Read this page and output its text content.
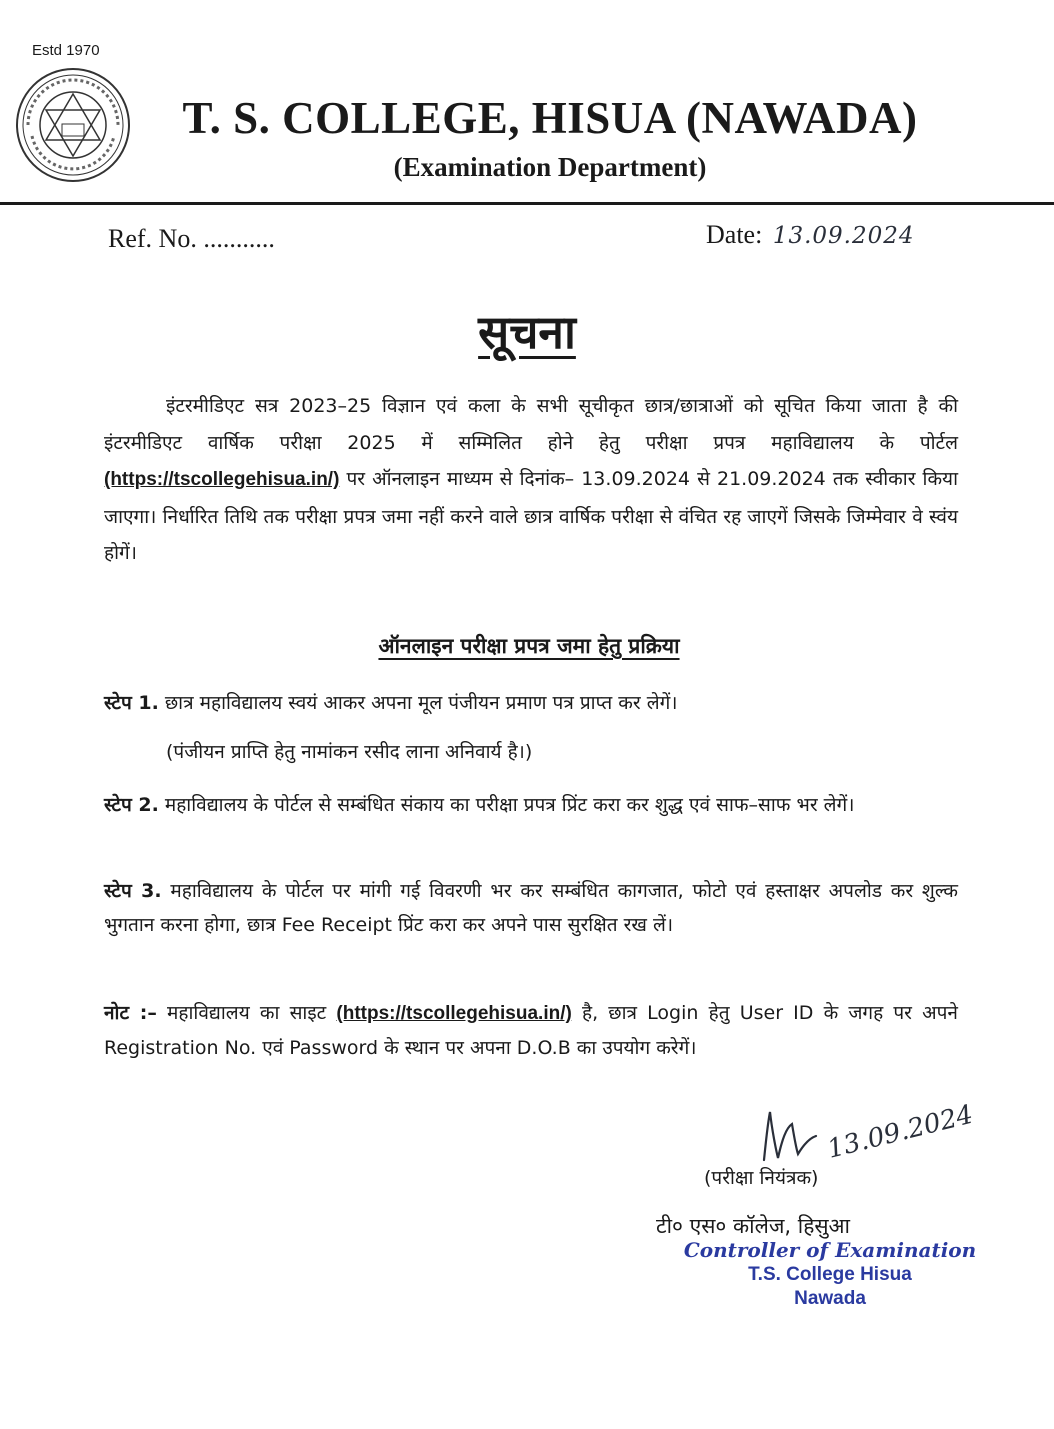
Estd 1970
T. S. COLLEGE, HISUA (NAWADA)
(Examination Department)
Ref. No. ...........	Date: 13.09.2024
सूचना
इंटरमीडिएट सत्र 2023–25 विज्ञान एवं कला के सभी सूचीकृत छात्र/छात्राओं को सूचित किया जाता है की इंटरमीडिएट वार्षिक परीक्षा 2025 में सम्मिलित होने हेतु परीक्षा प्रपत्र महाविद्यालय के पोर्टल (https://tscollegehisua.in/) पर ऑनलाइन माध्यम से दिनांक– 13.09.2024 से 21.09.2024 तक स्वीकार किया जाएगा। निर्धारित तिथि तक परीक्षा प्रपत्र जमा नहीं करने वाले छात्र वार्षिक परीक्षा से वंचित रह जाएगें जिसके जिम्मेवार वे स्वंय होगें।
ऑनलाइन परीक्षा प्रपत्र जमा हेतु प्रक्रिया
स्टेप 1. छात्र महाविद्यालय स्वयं आकर अपना मूल पंजीयन प्रमाण पत्र प्राप्त कर लेगें।
(पंजीयन प्राप्ति हेतु नामांकन रसीद लाना अनिवार्य है।)
स्टेप 2. महाविद्यालय के पोर्टल से सम्बंधित संकाय का परीक्षा प्रपत्र प्रिंट करा कर शुद्ध एवं साफ–साफ भर लेगें।
स्टेप 3. महाविद्यालय के पोर्टल पर मांगी गई विवरणी भर कर सम्बंधित कागजात, फोटो एवं हस्ताक्षर अपलोड कर शुल्क भुगतान करना होगा, छात्र Fee Receipt प्रिंट करा कर अपने पास सुरक्षित रख लें।
नोट :– महाविद्यालय का साइट (https://tscollegehisua.in/) है, छात्र Login हेतु User ID के जगह पर अपने Registration No. एवं Password के स्थान पर अपना D.O.B का उपयोग करेगें।
13.09.2024
(परीक्षा नियंत्रक)
टी० एस० कॉलेज, हिसुआ
Controller of Examination
T.S. College Hisua
Nawada
